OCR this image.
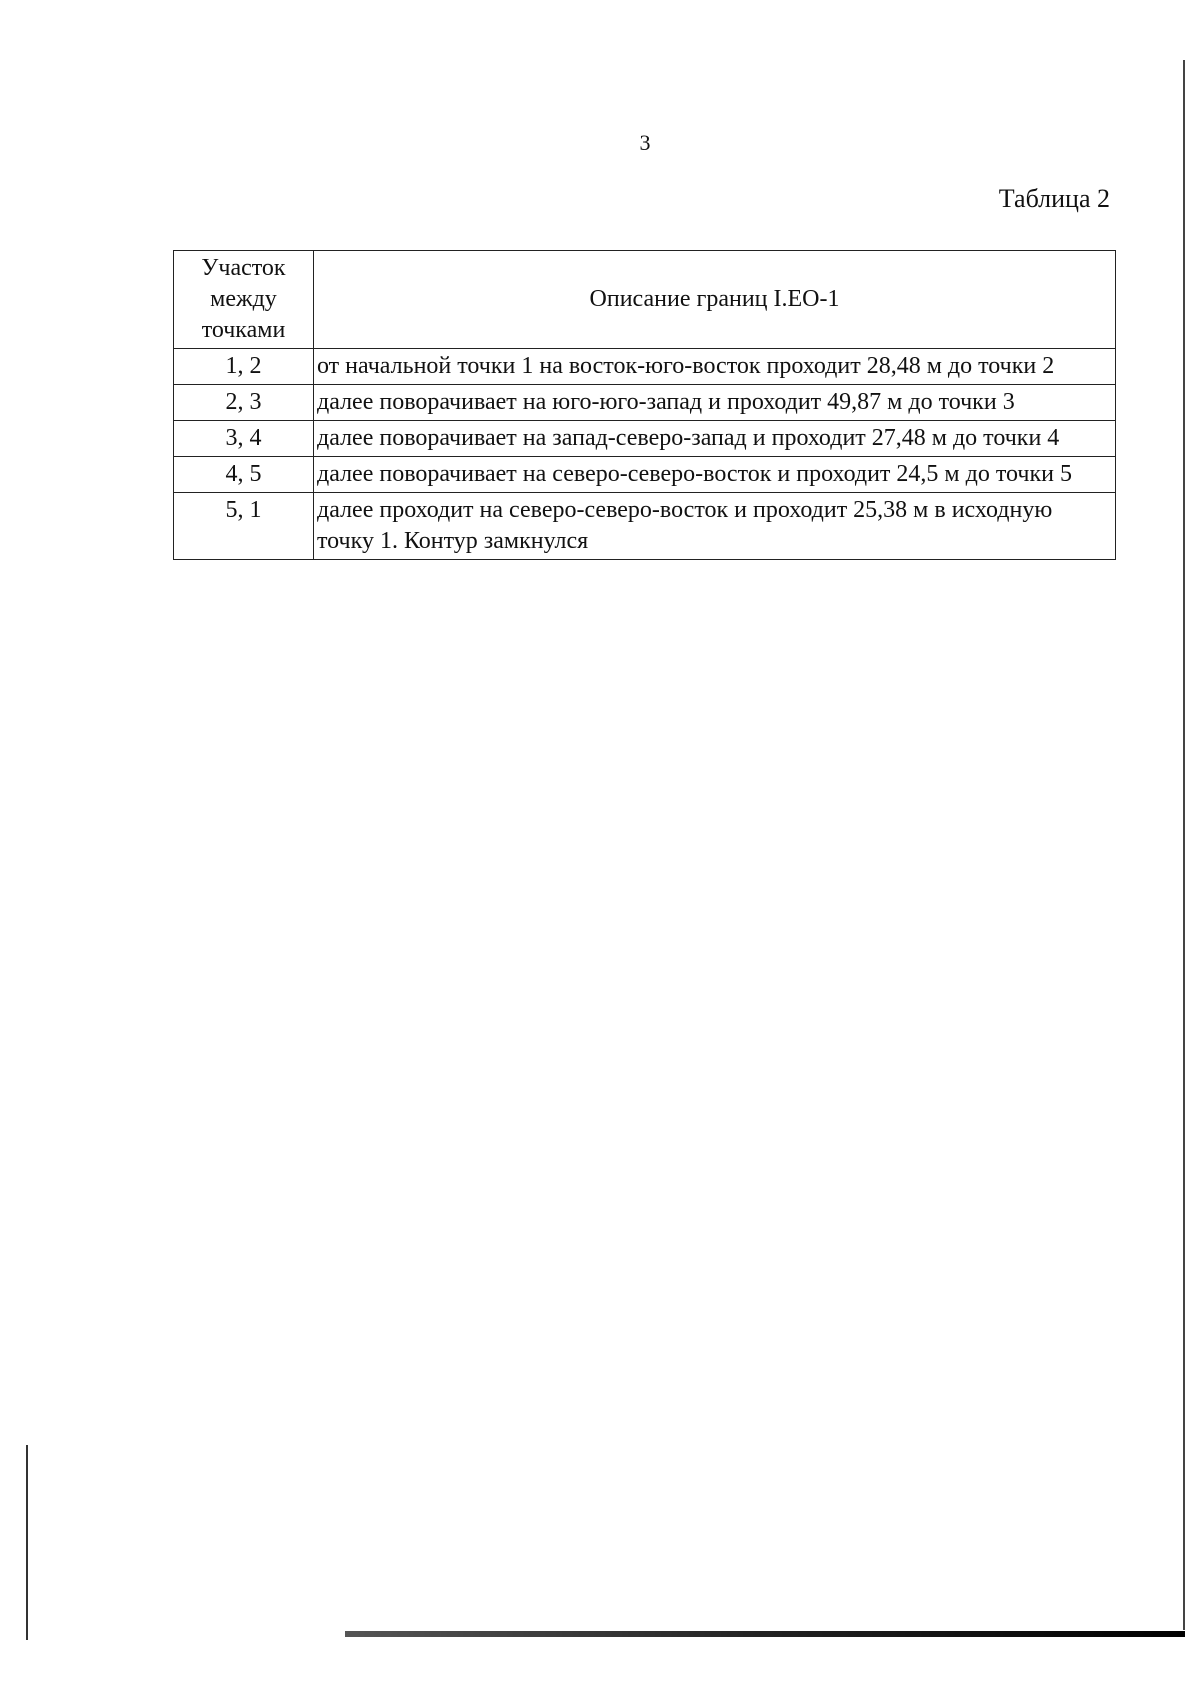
3
Таблица 2
Участок между точками	Описание границ I.EO-1
1, 2	от начальной точки 1 на восток-юго-восток проходит 28,48 м до точки 2
2, 3	далее поворачивает на юго-юго-запад и проходит 49,87 м до точки 3
3, 4	далее поворачивает на запад-северо-запад и проходит 27,48 м до точки 4
4, 5	далее поворачивает на северо-северо-восток и проходит 24,5 м до точки 5
5, 1	далее проходит на северо-северо-восток и проходит 25,38 м в исходную точку 1. Контур замкнулся
